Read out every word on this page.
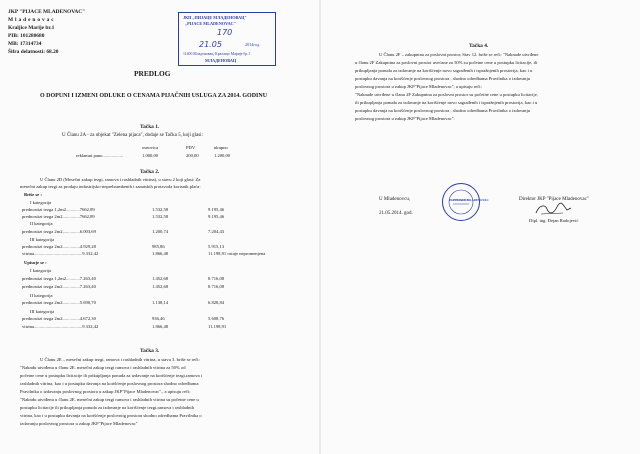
JKP "PIJACE MLADENOVAC"
M l a d e n o v a c
Kraljice Marije br.1
PIB: 101280680
MB: 17314734
Šifra delatnosti: 68.20
ЈКП „ПИЈАЦЕ МЛАДЕНОВАЦ"
„PIJACE MLADENOVAC"
170
21.05	2014год.
11400 Младеновац, Краљице Марије бр.1
МЛАДЕНОВАЦ
PREDLOG
O DOPUNI I IZMENI ODLUKE O CENAMA PIJAČNIH USLUGA ZA 2014. GODINU
Tačka 1.
U Članu 2A - za objekat "Zelena pijaca", dodaje se Tačka 5, koji glasi:
osnovica	PDV	ukupno
reklamni pano..................	1.000,00	200,00	1.200,00
Tačka 2.
U Članu 2D (Mesečni zakup tezgi, ramova i rashladnih vitrina), u stavu 2 koji glasi: Za
mesečni zakup tezgi za prodaju industrijsko-neprehrambenih i zanatskih proizvoda korisnik plaća:
Briše se :
I kategorija
prednostizi tezga 1,2m2............7662,89	1.532,58	9.195,46
prednostizi tezga 2m2...............7662,89	1.532,58	9.195,46
II kategorija
prednostizi tezga 2m2...............6.003,69	1.200,74	7.204,43
III kategorija
prednostizi tezga 2m2...............4.929,28	985,86	5.915,13
vitrina..........................................9.332,42	1.866,48	11.198,91 ostaje nepromenjena
Upisuje se :
I kategorija
prednostizi tezga 1,2m2............7.263,40	1.452,68	8.716,08
prednostizi tezga 2m2...............7.263,40	1.452,68	8.716,08
II kategorija
prednostizi tezga 2m2...............5.690,70	1.138,14	6.828,84
III kategorija
prednostizi tezga 2m2...............4.672,30	936,46	5.608,76
vitrina..........................................9.332,42	1.866,48	11.198,91
Tačka 3.
U Članu 2E – mesečni zakup tezgi, ramova i rashladnih vitrina, u stavu 3. briše se reči:
"Nakndu utvrđenu u članu 2E. mesečni zakup tezgi ramova i rashladnih vitrina za 50% od
početne cene u postupku licitacije ili prikupljanja ponuda za izdavanje na korišćenje tezgi,ramova i
rashladnih vitrina, kao i u postupku davanja na korišćenje poslovnog prostora shodno odredbama
Pravilnika o izdavanju poslovnog prostora u zakup JKP"Pijace Mladenovac"., a upisuju reči:
"Nakndu utvrđenu u članu 2E. mesečni zakup tezgi ramova i rashladnih vitrina su početne cene u
postupku licitacije ili prikupljanja ponuda za izdavanje na korišćenje tezgi,ramova i rashladnih
vitrina, kao i u postupku davanja na korišćenje poslovnog prostora shodno odredbama Pravilnika o
izdavanju poslovnog prostora u zakup JKP"Pijace Mladenovac"
Tačka 4.
U Članu 2F – zakupnina za poslovni prostor, Stav 12. briše se reči: "Naknade utvrđene
u članu 2F Zakupnina za poslovni prostor uvećane za 50% su početne cene u postupku licitacije, ili
prikupljanja ponuda za izdavanje na korišćenje novo sagrađenih i ispražnjenih prostorija, kao i u
postupku davanja na korišćenje poslovnog prostora , shodno odredbama Pravilnika o izdavanju
poslovnog prostora u zakup JKP"Pijace Mladenovac", a upisuju reči:
"Naknade utvrđene u članu 2F Zakupnina za poslovni prostor su početne cene u postupku licitacije,
ili prikupljanja ponuda za izdavanje na korišćenje novo sagrađenih i ispražnjenih prostorija, kao i u
postupku davanja na korišćenje poslovnog prostora , shodno odredbama Pravilnika o izdavanju
poslovnog prostora u zakup JKP"Pijace Mladenovac".
U Mladenovcu,
21.05.2014. god.
JKP PIJACE MLADENOVAC	Direktor JKP "Pijace Mladenovac"
Dipl. ing. Dejan Radojević
